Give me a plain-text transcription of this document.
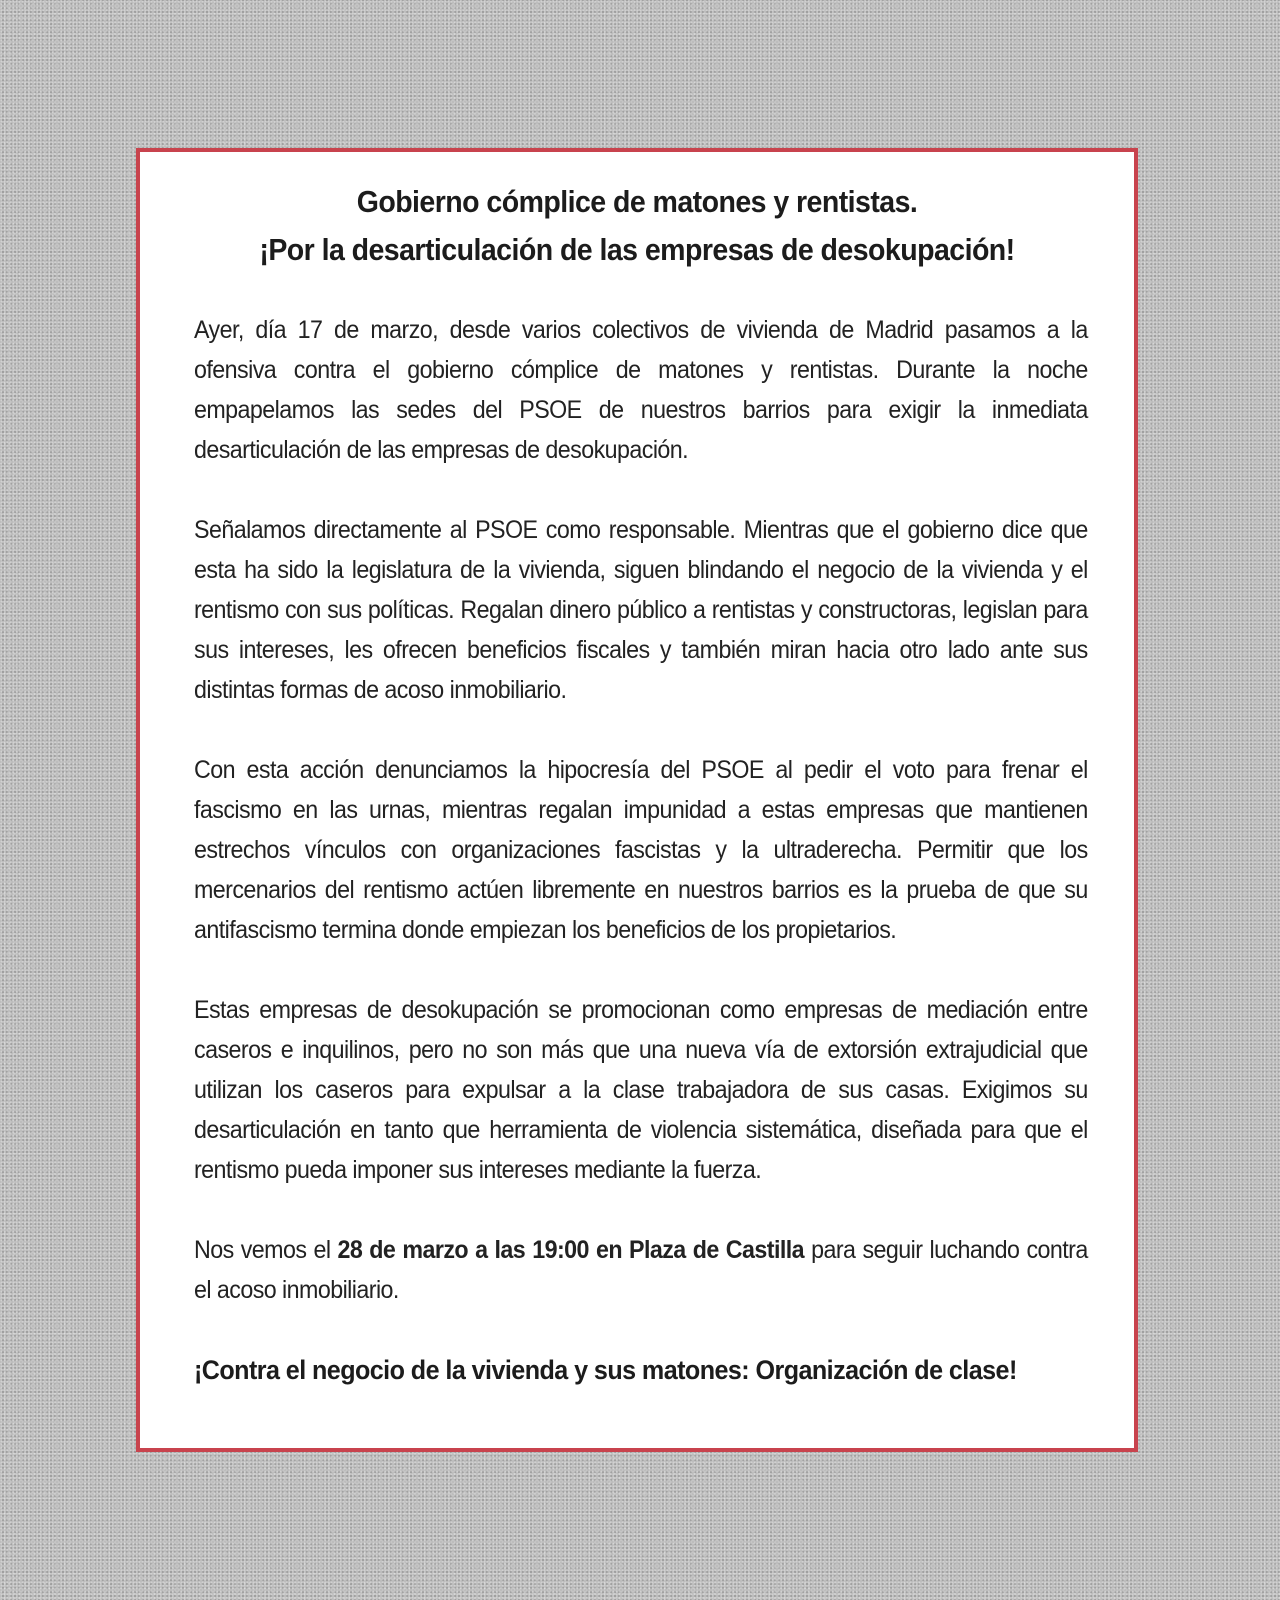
Gobierno cómplice de matones y rentistas.
¡Por la desarticulación de las empresas de desokupación!

Ayer, día 17 de marzo, desde varios colectivos de vivienda de Madrid pasamos a la ofensiva contra el gobierno cómplice de matones y rentistas. Durante la noche empapelamos las sedes del PSOE de nuestros barrios para exigir la inmediata desarticulación de las empresas de desokupación.

Señalamos directamente al PSOE como responsable. Mientras que el gobierno dice que esta ha sido la legislatura de la vivienda, siguen blindando el negocio de la vivienda y el rentismo con sus políticas. Regalan dinero público a rentistas y constructoras, legislan para sus intereses, les ofrecen beneficios fiscales y también miran hacia otro lado ante sus distintas formas de acoso inmobiliario.

Con esta acción denunciamos la hipocresía del PSOE al pedir el voto para frenar el fascismo en las urnas, mientras regalan impunidad a estas empresas que mantienen estrechos vínculos con organizaciones fascistas y la ultraderecha. Permitir que los mercenarios del rentismo actúen libremente en nuestros barrios es la prueba de que su antifascismo termina donde empiezan los beneficios de los propietarios.

Estas empresas de desokupación se promocionan como empresas de mediación entre caseros e inquilinos, pero no son más que una nueva vía de extorsión extrajudicial que utilizan los caseros para expulsar a la clase trabajadora de sus casas. Exigimos su desarticulación en tanto que herramienta de violencia sistemática, diseñada para que el rentismo pueda imponer sus intereses mediante la fuerza.

Nos vemos el 28 de marzo a las 19:00 en Plaza de Castilla para seguir luchando contra el acoso inmobiliario.

¡Contra el negocio de la vivienda y sus matones: Organización de clase!
